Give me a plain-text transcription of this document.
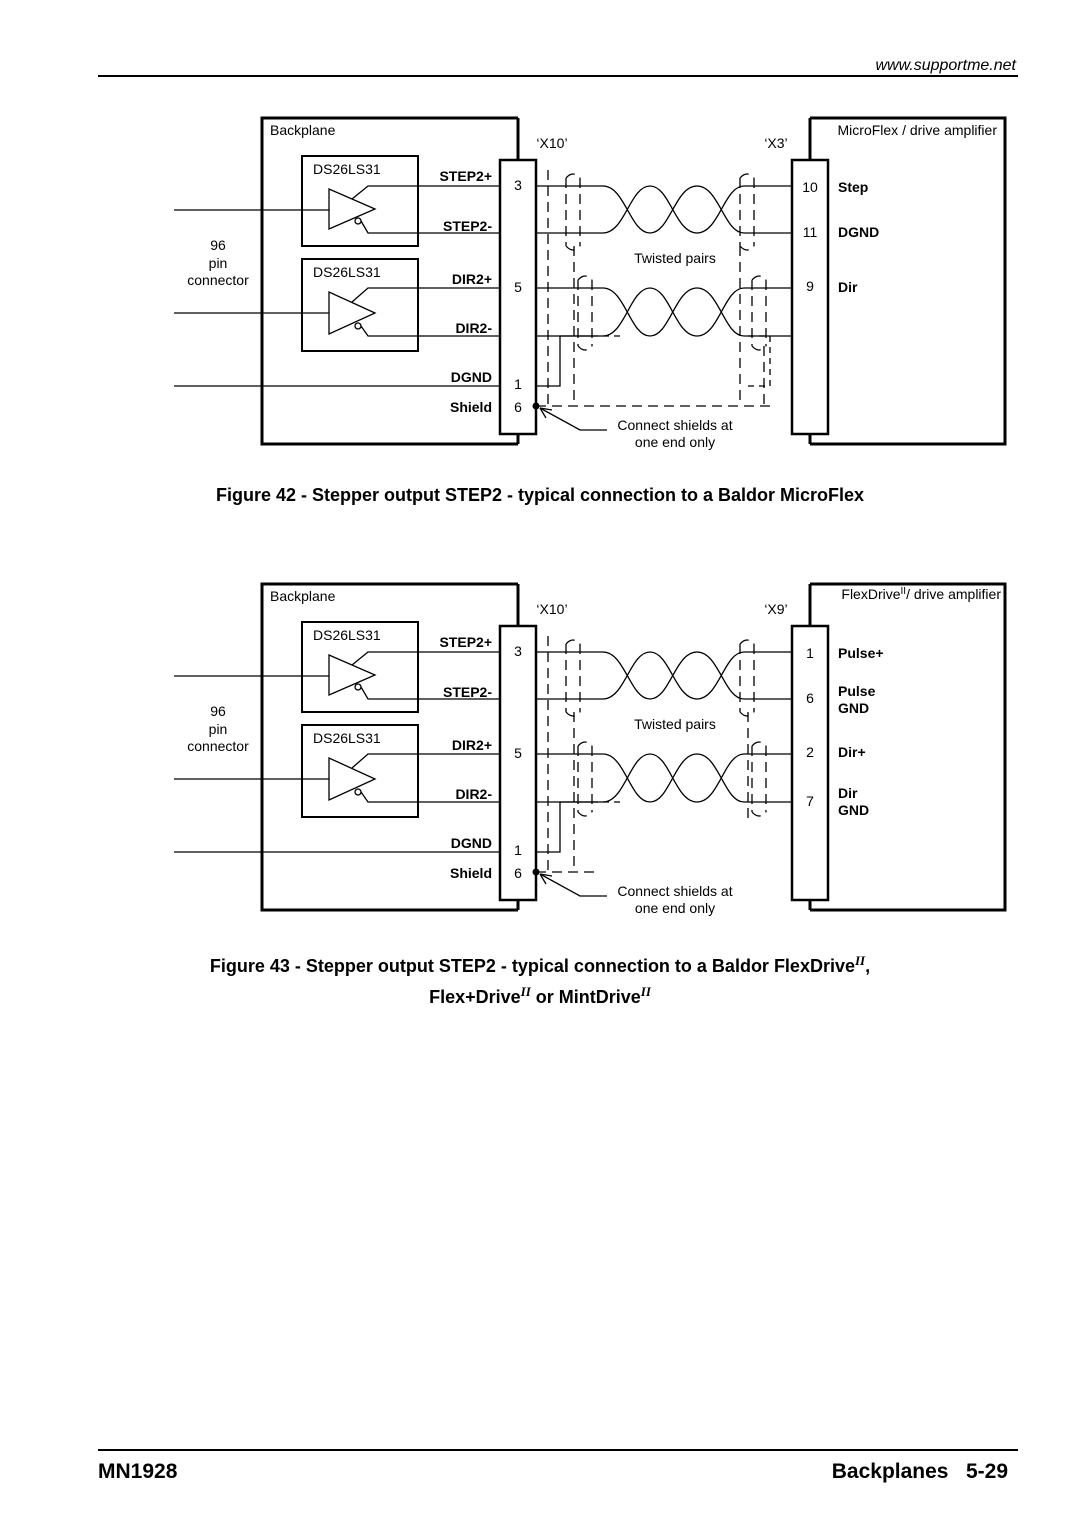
www.supportme.net
Backplane
DS26LS31
DS26LS31
96
pin
connector
STEP2+
STEP2-
DIR2+
DIR2-
DGND
Shield
‘X10’
3
5
1
6
Twisted pairs
Connect shields at
one end only
MicroFlex / drive amplifier
‘X3’
10
11
9
Step
DGND
Dir
Figure 42 - Stepper output STEP2 - typical connection to a Baldor MicroFlex
Backplane
DS26LS31
DS26LS31
96
pin
connector
STEP2+
STEP2-
DIR2+
DIR2-
DGND
Shield
‘X10’
3
5
1
6
Twisted pairs
Connect shields at
one end only
FlexDrive$^{II}$/ drive amplifier
‘X9’
1
6
2
7
Pulse+
Pulse
GND
Dir+
Dir
GND
Figure 43 - Stepper output STEP2 - typical connection to a Baldor FlexDrive$^{II}$,
Flex+Drive$^{II}$ or MintDrive$^{II}$
MN1928	Backplanes   5-29
